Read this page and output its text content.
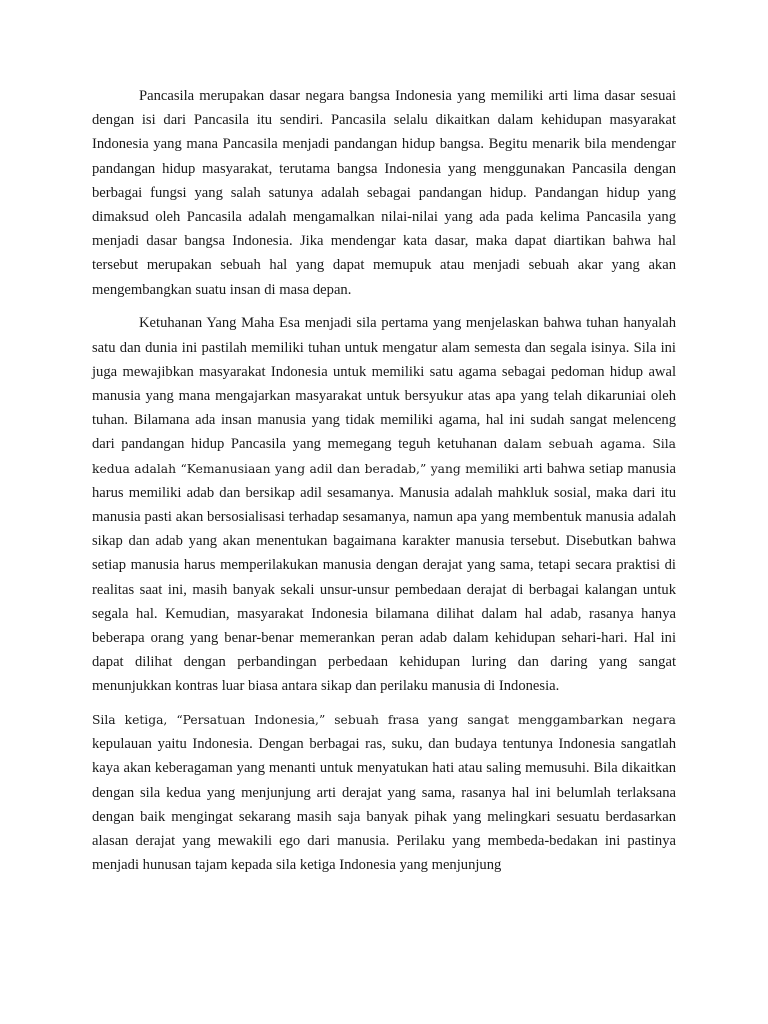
Pancasila merupakan dasar negara bangsa Indonesia yang memiliki arti lima dasar sesuai dengan isi dari Pancasila itu sendiri. Pancasila selalu dikaitkan dalam kehidupan masyarakat Indonesia yang mana Pancasila menjadi pandangan hidup bangsa. Begitu menarik bila mendengar pandangan hidup masyarakat, terutama bangsa Indonesia yang menggunakan Pancasila dengan berbagai fungsi yang salah satunya adalah sebagai pandangan hidup. Pandangan hidup yang dimaksud oleh Pancasila adalah mengamalkan nilai-nilai yang ada pada kelima Pancasila yang menjadi dasar bangsa Indonesia. Jika mendengar kata dasar, maka dapat diartikan bahwa hal tersebut merupakan sebuah hal yang dapat memupuk atau menjadi sebuah akar yang akan mengembangkan suatu insan di masa depan.

Ketuhanan Yang Maha Esa menjadi sila pertama yang menjelaskan bahwa tuhan hanyalah satu dan dunia ini pastilah memiliki tuhan untuk mengatur alam semesta dan segala isinya. Sila ini juga mewajibkan masyarakat Indonesia untuk memiliki satu agama sebagai pedoman hidup awal manusia yang mana mengajarkan masyarakat untuk bersyukur atas apa yang telah dikaruniai oleh tuhan. Bilamana ada insan manusia yang tidak memiliki agama, hal ini sudah sangat melenceng dari pandangan hidup Pancasila yang memegang teguh ketuhanan dalam sebuah agama. Sila kedua adalah “Kemanusiaan yang adil dan beradab,” yang memiliki arti bahwa setiap manusia harus memiliki adab dan bersikap adil sesamanya. Manusia adalah mahkluk sosial, maka dari itu manusia pasti akan bersosialisasi terhadap sesamanya, namun apa yang membentuk manusia adalah sikap dan adab yang akan menentukan bagaimana karakter manusia tersebut. Disebutkan bahwa setiap manusia harus memperilakukan manusia dengan derajat yang sama, tetapi secara praktisi di realitas saat ini, masih banyak sekali unsur-unsur pembedaan derajat di berbagai kalangan untuk segala hal. Kemudian, masyarakat Indonesia bilamana dilihat dalam hal adab, rasanya hanya beberapa orang yang benar-benar memerankan peran adab dalam kehidupan sehari-hari. Hal ini dapat dilihat dengan perbandingan perbedaan kehidupan luring dan daring yang sangat menunjukkan kontras luar biasa antara sikap dan perilaku manusia di Indonesia.

Sila ketiga, “Persatuan Indonesia,” sebuah frasa yang sangat menggambarkan negara kepulauan yaitu Indonesia. Dengan berbagai ras, suku, dan budaya tentunya Indonesia sangatlah kaya akan keberagaman yang menanti untuk menyatukan hati atau saling memusuhi. Bila dikaitkan dengan sila kedua yang menjunjung arti derajat yang sama, rasanya hal ini belumlah terlaksana dengan baik mengingat sekarang masih saja banyak pihak yang melingkari sesuatu berdasarkan alasan derajat yang mewakili ego dari manusia. Perilaku yang membeda-bedakan ini pastinya menjadi hunusan tajam kepada sila ketiga Indonesia yang menjunjung
